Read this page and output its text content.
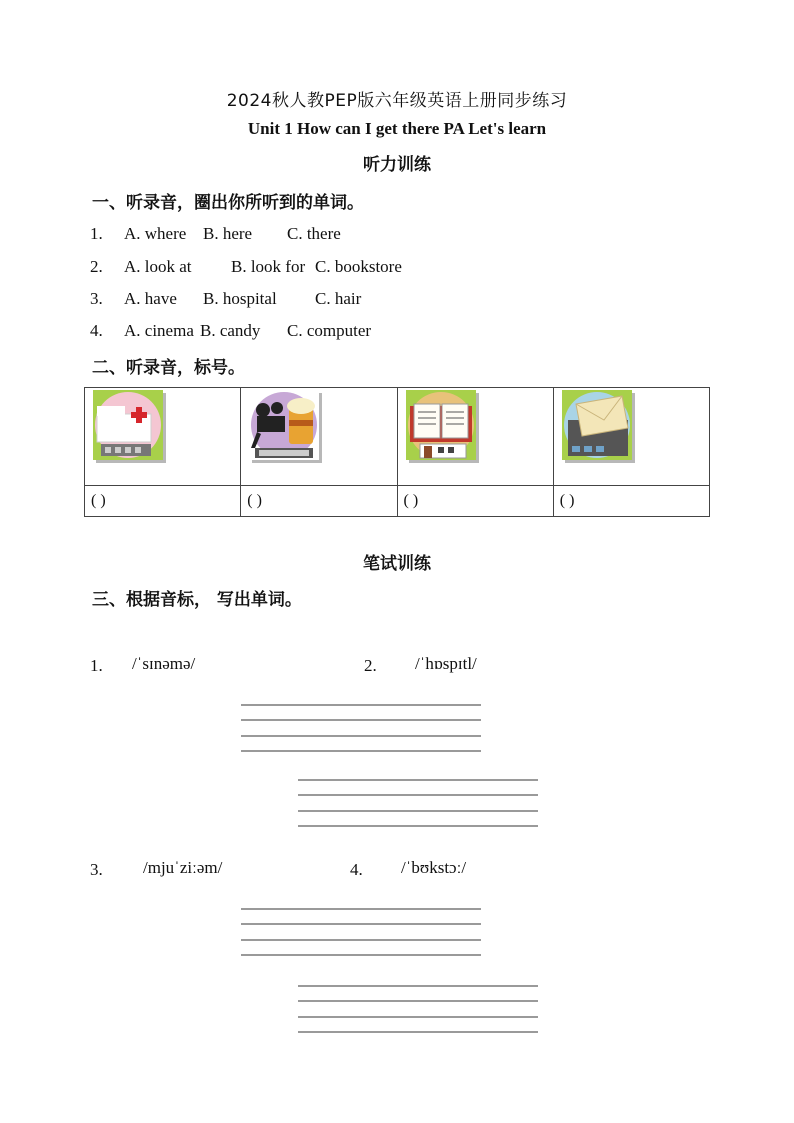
2024秋人教PEP版六年级英语上册同步练习
Unit 1 How can I get there PA Let's learn
听力训练
一、听录音，圈出你所听到的单词。
1. A. where B. here C. there
2. A. look at B. look for C. bookstore
3. A. have B. hospital C. hair
4. A. cinema B. candy C. computer
二、听录音，标号。

( )	( )	( )	( )
笔试训练
三、根据音标， 写出单词。
1. /ˈsɪnəmə/	2. /ˈhɒspɪtl/
3. /mjuˈziːəm/	4. /ˈbʊkstɔː/
